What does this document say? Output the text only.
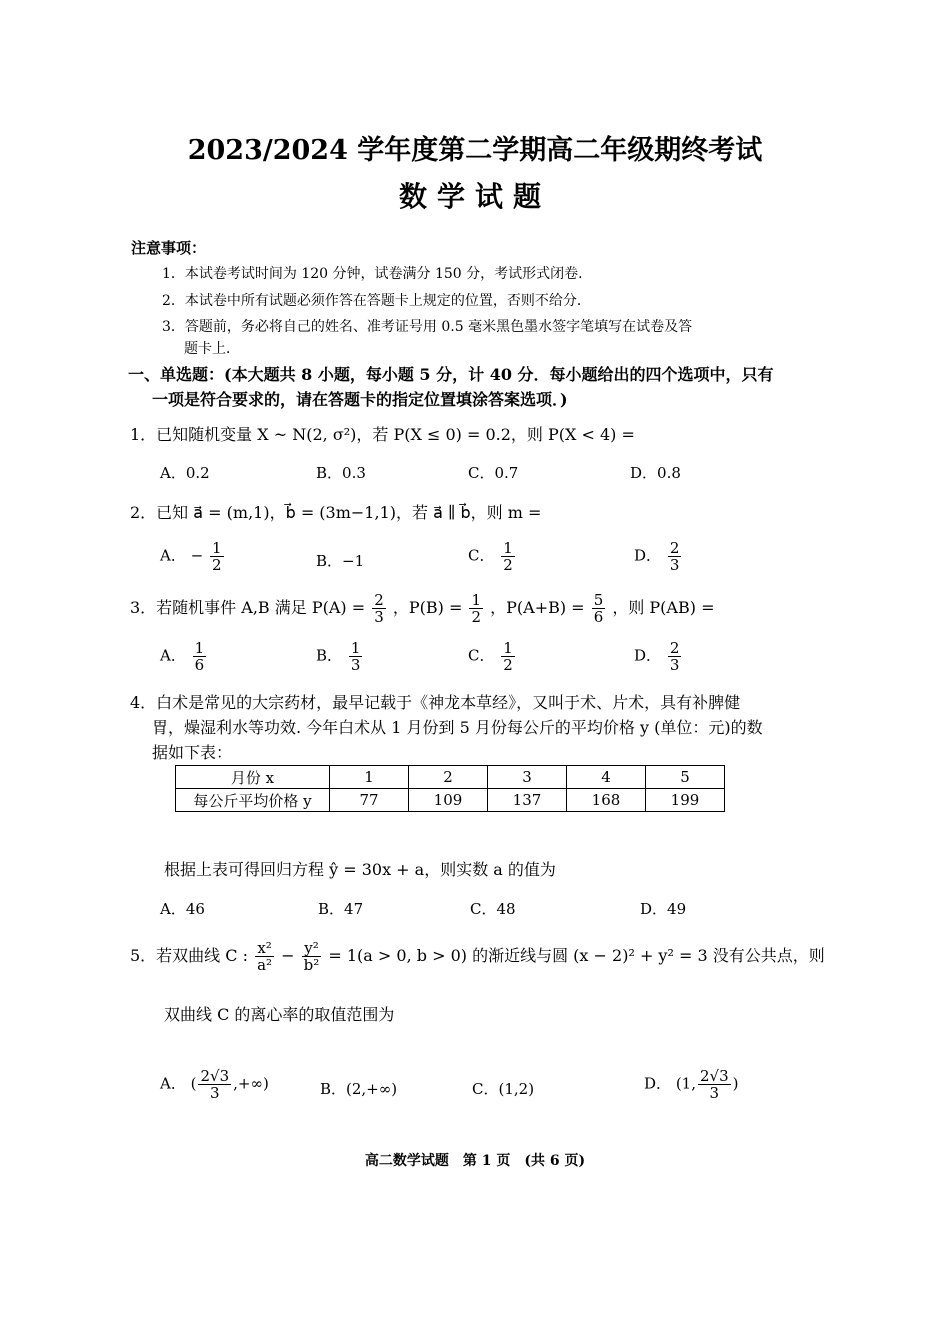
2023/2024 学年度第二学期高二年级期终考试
数学试题
注意事项：
1．本试卷考试时间为 120 分钟，试卷满分 150 分，考试形式闭卷．
2．本试卷中所有试题必须作答在答题卡上规定的位置，否则不给分．
3．答题前，务必将自己的姓名、准考证号用 0.5 毫米黑色墨水签字笔填写在试卷及答
题卡上．
一、单选题：(本大题共 8 小题，每小题 5 分，计 40 分．每小题给出的四个选项中，只有
一项是符合要求的，请在答题卡的指定位置填涂答案选项．)
1．已知随机变量 X ~ N(2, σ²)，若 P(X ≤ 0) = 0.2，则 P(X < 4) =
A．0.2	B．0.3	C．0.7	D．0.8
2．已知 a⃗ = (m,1)，b⃗ = (3m−1,1)，若 a⃗ ∥ b⃗，则 m =
A． − $\frac{1}{2}$	B．−1	C． $\frac{1}{2}$	D． $\frac{2}{3}$
3．若随机事件 A,B 满足 $P(A) = \frac{2}{3}$ ，$P(B) = \frac{1}{2}$ ，$P(A+B) = \frac{5}{6}$ ，则 P(AB) =
A． $\frac{1}{6}$	B． $\frac{1}{3}$	C． $\frac{1}{2}$	D． $\frac{2}{3}$
4．白术是常见的大宗药材，最早记载于《神龙本草经》，又叫于术、片术，具有补脾健
胃，燥湿利水等功效. 今年白术从 1 月份到 5 月份每公斤的平均价格 y (单位：元)的数
据如下表：
月份 x	1	2	3	4	5
每公斤平均价格 y	77	109	137	168	199
根据上表可得回归方程 ŷ = 30x + a，则实数 a 的值为
A．46	B．47	C．48	D．49
5．若双曲线 C : $\frac{\text{x²}}{\text{a²}} - \frac{\text{y²}}{\text{b²}} = 1(a > 0$, b > 0) 的渐近线与圆 (x − 2)² + y² = 3 没有公共点，则
双曲线 C 的离心率的取值范围为
A． ( $\frac{2√3}{3}$ ,+∞)	B．(2,+∞)	C．(1,2)	D． (1, $\frac{2√3}{3}$ )
高二数学试题　第 1 页　(共 6 页)
